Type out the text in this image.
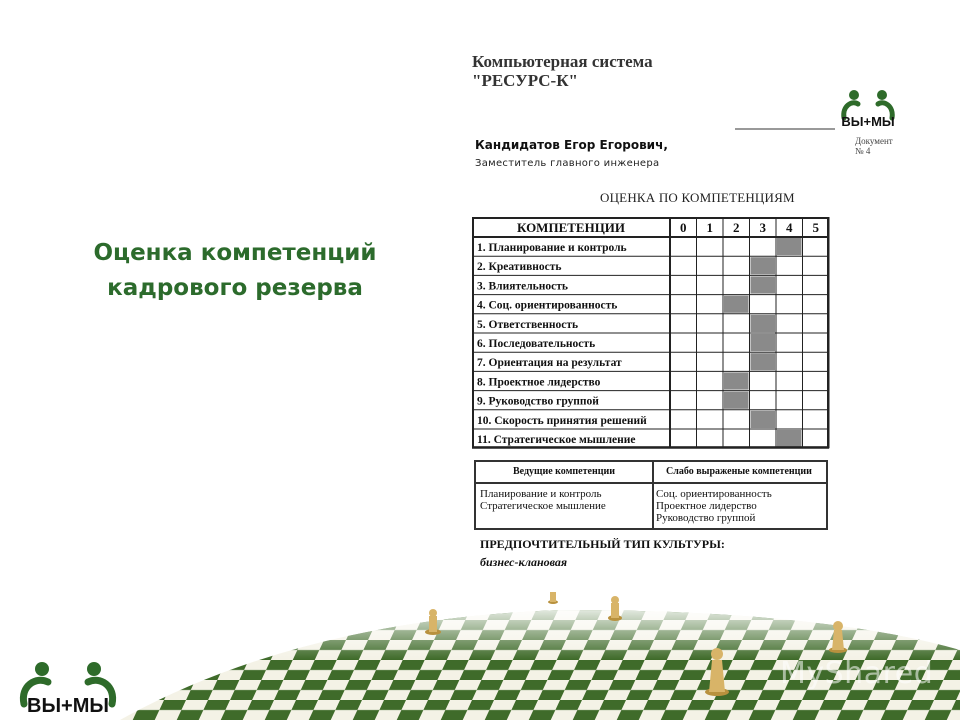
Оценка компетенций
кадрового резерва
Компьютерная система
"РЕСУРС-К"
ВЫ+МЫ
Документ № 4
Кандидатов Егор Егорович,
Заместитель главного инженера
ОЦЕНКА ПО КОМПЕТЕНЦИЯМ
КОМПЕТЕНЦИИ	0 1 2 3 4 5
1. Планирование и контроль
2. Креативность
3. Влиятельность
4. Соц. ориентированность
5. Ответственность
6. Последовательность
7. Ориентация на результат
8. Проектное лидерство
9. Руководство группой
10. Скорость принятия решений
11. Стратегическое мышление
Ведущие компетенции
Планирование и контроль
Стратегическое мышление
Слабо выраженые компетенции
Соц. ориентированность
Проектное лидерство
Руководство группой
ПРЕДПОЧТИТЕЛЬНЫЙ ТИП КУЛЬТУРЫ:
бизнес-клановая
MyShared
ВЫ+МЫ
